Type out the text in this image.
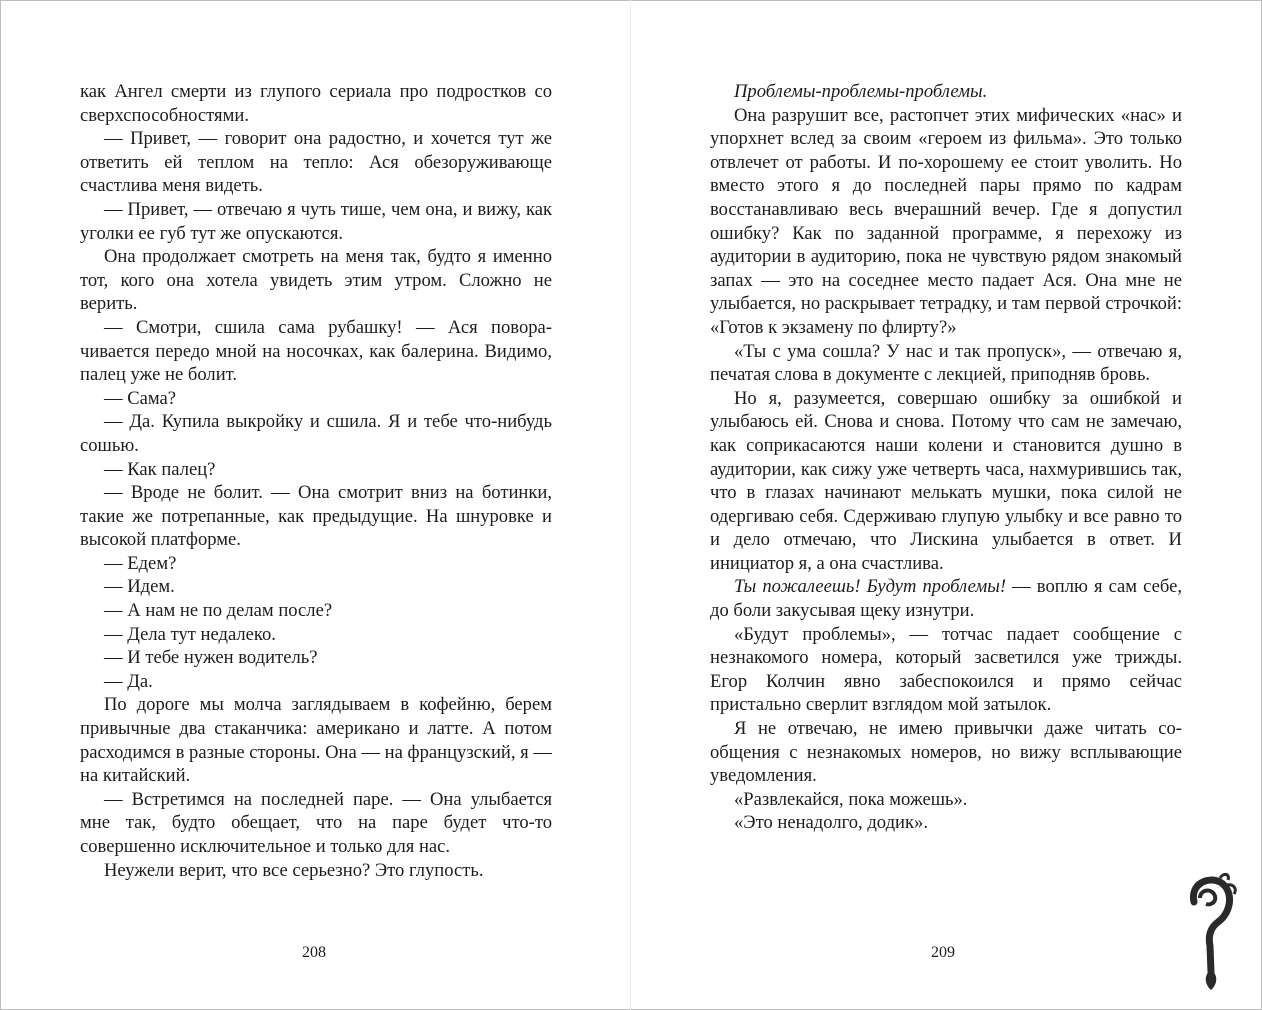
как Ангел смерти из глупого сериала про подростков со сверхспособностями.

— Привет, — говорит она радостно, и хочется тут же ответить ей теплом на тепло: Ася обезоруживающе счастлива меня видеть.

— Привет, — отвечаю я чуть тише, чем она, и вижу, как уголки ее губ тут же опускаются.

Она продолжает смотреть на меня так, будто я именно тот, кого она хотела увидеть этим утром. Сложно не верить.

— Смотри, сшила сама рубашку! — Ася поворачивается передо мной на носочках, как балерина. Видимо, палец уже не болит.

— Сама?

— Да. Купила выкройку и сшила. Я и тебе что-нибудь сошью.

— Как палец?

— Вроде не болит. — Она смотрит вниз на ботинки, такие же потрепанные, как предыдущие. На шнуровке и высокой платформе.

— Едем?

— Идем.

— А нам не по делам после?

— Дела тут недалеко.

— И тебе нужен водитель?

— Да.

По дороге мы молча заглядываем в кофейню, берем привычные два стаканчика: американо и латте. А потом расходимся в разные стороны. Она — на французский, я — на китайский.

— Встретимся на последней паре. — Она улыбается мне так, будто обещает, что на паре будет что-то совершенно исключительное и только для нас.

Неужели верит, что все серьезно? Это глупость.

Проблемы-проблемы-проблемы.

Она разрушит все, растопчет этих мифических «нас» и упорхнет вслед за своим «героем из фильма». Это только отвлечет от работы. И по-хорошему ее стоит уволить. Но вместо этого я до последней пары прямо по кадрам восстанавливаю весь вчерашний вечер. Где я допустил ошибку? Как по заданной программе, я перехожу из аудитории в аудиторию, пока не чувствую рядом знакомый запах — это на соседнее место падает Ася. Она мне не улыбается, но раскрывает тетрадку, и там первой строчкой: «Готов к экзамену по флирту?»

«Ты с ума сошла? У нас и так пропуск», — отвечаю я, печатая слова в документе с лекцией, приподняв бровь.

Но я, разумеется, совершаю ошибку за ошибкой и улыбаюсь ей. Снова и снова. Потому что сам не замечаю, как соприкасаются наши колени и становится душно в аудитории, как сижу уже четверть часа, нахмурившись так, что в глазах начинают мелькать мушки, пока силой не одергиваю себя. Сдерживаю глупую улыбку и все равно то и дело отмечаю, что Лискина улыбается в ответ. И инициатор я, а она счастлива.

Ты пожалеешь! Будут проблемы! — воплю я сам себе, до боли закусывая щеку изнутри.

«Будут проблемы», — тотчас падает сообщение с незнакомого номера, который засветился уже трижды. Егор Колчин явно забеспокоился и прямо сейчас пристально сверлит взглядом мой затылок.

Я не отвечаю, не имею привычки даже читать сообщения с незнакомых номеров, но вижу всплывающие уведомления.

«Развлекайся, пока можешь».

«Это ненадолго, додик».

208	209
